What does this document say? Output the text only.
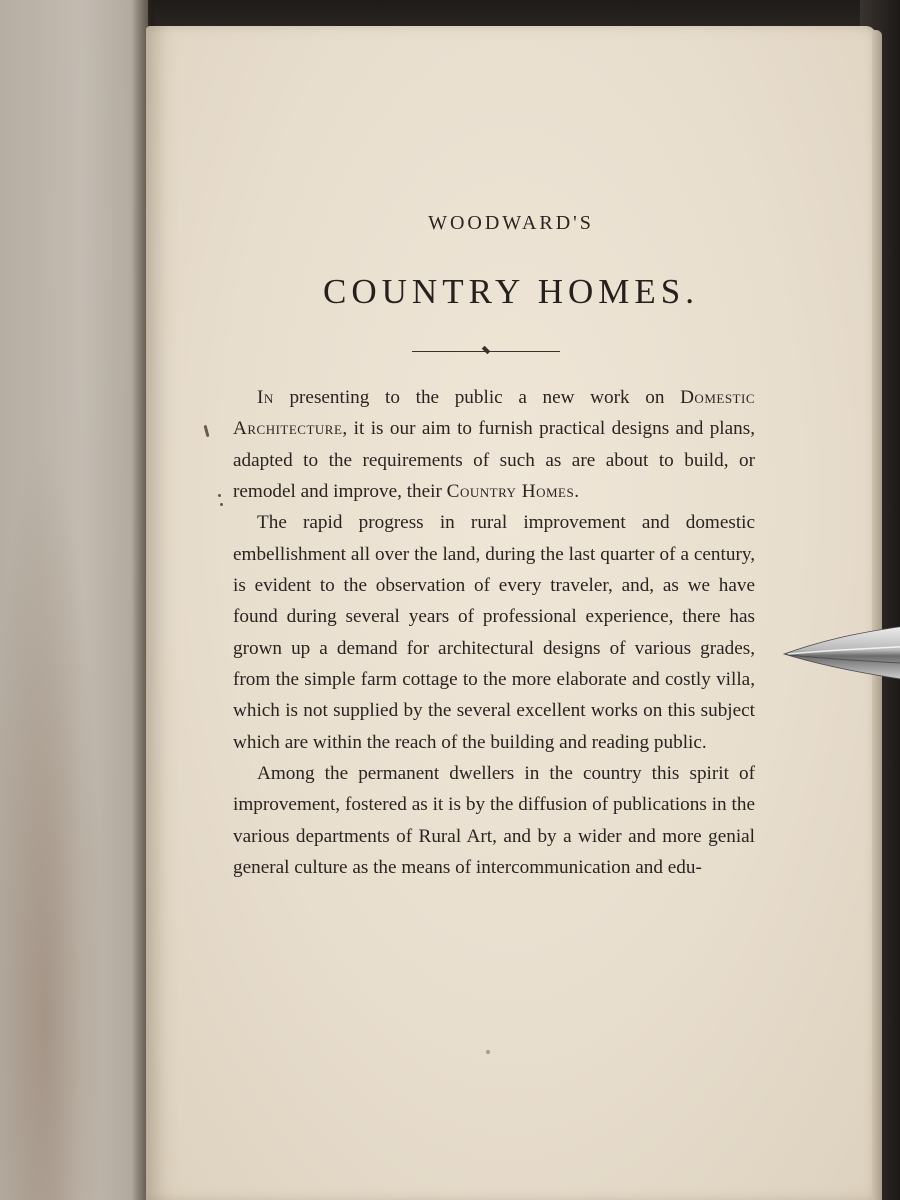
WOODWARD'S
COUNTRY HOMES.

In presenting to the public a new work on Domestic Architecture, it is our aim to furnish practical designs and plans, adapted to the requirements of such as are about to build, or remodel and improve, their Country Homes.

The rapid progress in rural improvement and domestic embellishment all over the land, during the last quarter of a century, is evident to the observation of every traveler, and, as we have found during several years of professional experience, there has grown up a demand for architectural designs of various grades, from the simple farm cottage to the more elaborate and costly villa, which is not supplied by the several excellent works on this subject which are within the reach of the building and reading public.

Among the permanent dwellers in the country this spirit of improvement, fostered as it is by the diffusion of publications in the various departments of Rural Art, and by a wider and more genial general culture as the means of intercommunication and edu-
